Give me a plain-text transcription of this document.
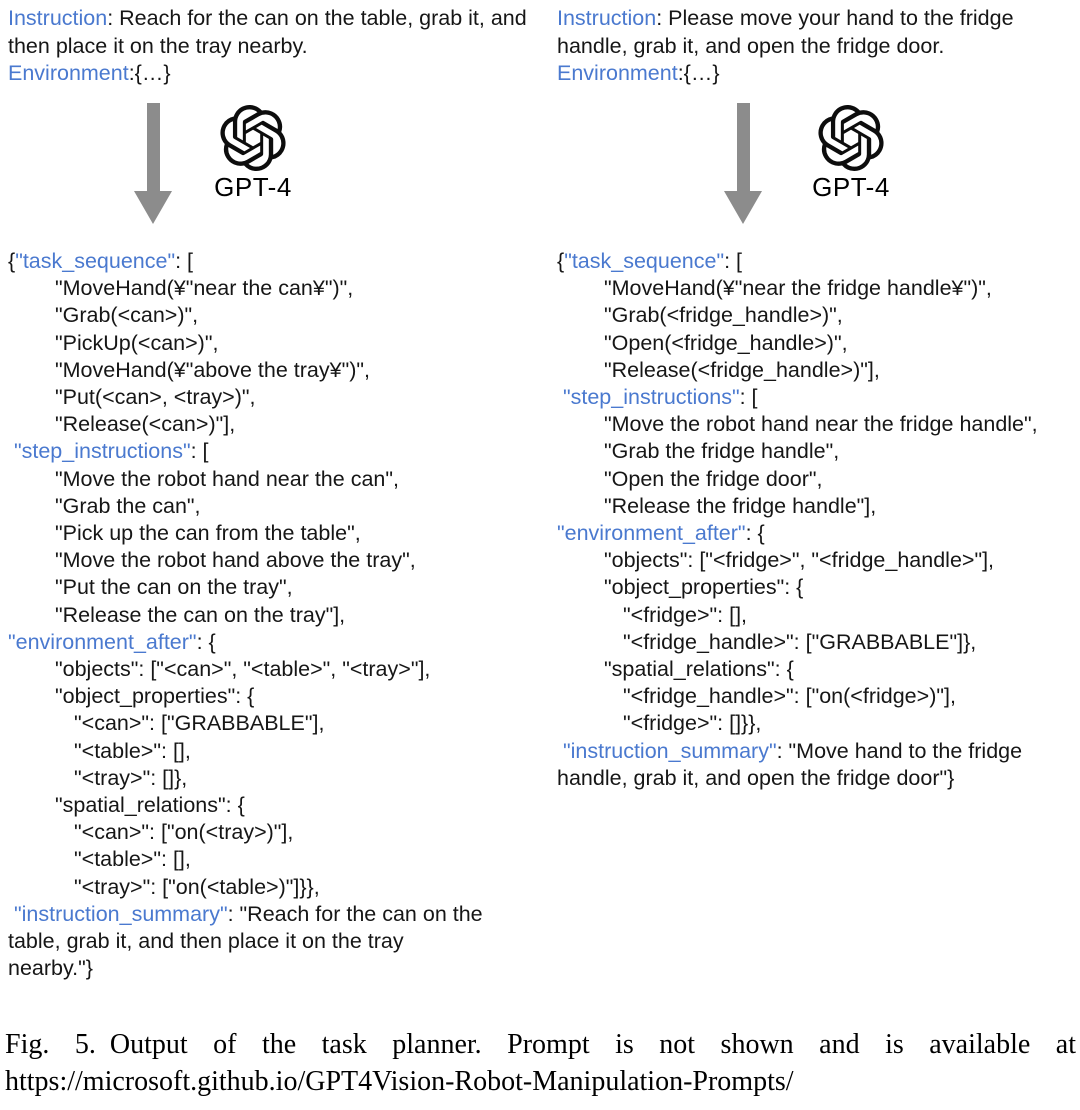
Instruction: Reach for the can on the table, grab it, and then place it on the tray nearby.
Environment:{…}
GPT-4
{"task_sequence": [
"MoveHand(¥"near the can¥")",
"Grab(<can>)",
"PickUp(<can>)",
"MoveHand(¥"above the tray¥")",
"Put(<can>, <tray>)",
"Release(<can>)"],
"step_instructions": [
"Move the robot hand near the can",
"Grab the can",
"Pick up the can from the table",
"Move the robot hand above the tray",
"Put the can on the tray",
"Release the can on the tray"],
"environment_after": {
"objects": ["<can>", "<table>", "<tray>"],
"object_properties": {
"<can>": ["GRABBABLE"],
"<table>": [],
"<tray>": []},
"spatial_relations": {
"<can>": ["on(<tray>)"],
"<table>": [],
"<tray>": ["on(<table>)"]}},
"instruction_summary": "Reach for the can on the
table, grab it, and then place it on the tray
nearby."}
Instruction: Please move your hand to the fridge handle, grab it, and open the fridge door.
Environment:{…}
GPT-4
{"task_sequence": [
"MoveHand(¥"near the fridge handle¥")",
"Grab(<fridge_handle>)",
"Open(<fridge_handle>)",
"Release(<fridge_handle>)"],
"step_instructions": [
"Move the robot hand near the fridge handle",
"Grab the fridge handle",
"Open the fridge door",
"Release the fridge handle"],
"environment_after": {
"objects": ["<fridge>", "<fridge_handle>"],
"object_properties": {
"<fridge>": [],
"<fridge_handle>": ["GRABBABLE"]},
"spatial_relations": {
"<fridge_handle>": ["on(<fridge>)"],
"<fridge>": []}},
"instruction_summary": "Move hand to the fridge
handle, grab it, and open the fridge door"}

Fig. 5. Output of the task planner. Prompt is not shown and is available at https://microsoft.github.io/GPT4Vision-Robot-Manipulation-Prompts/
